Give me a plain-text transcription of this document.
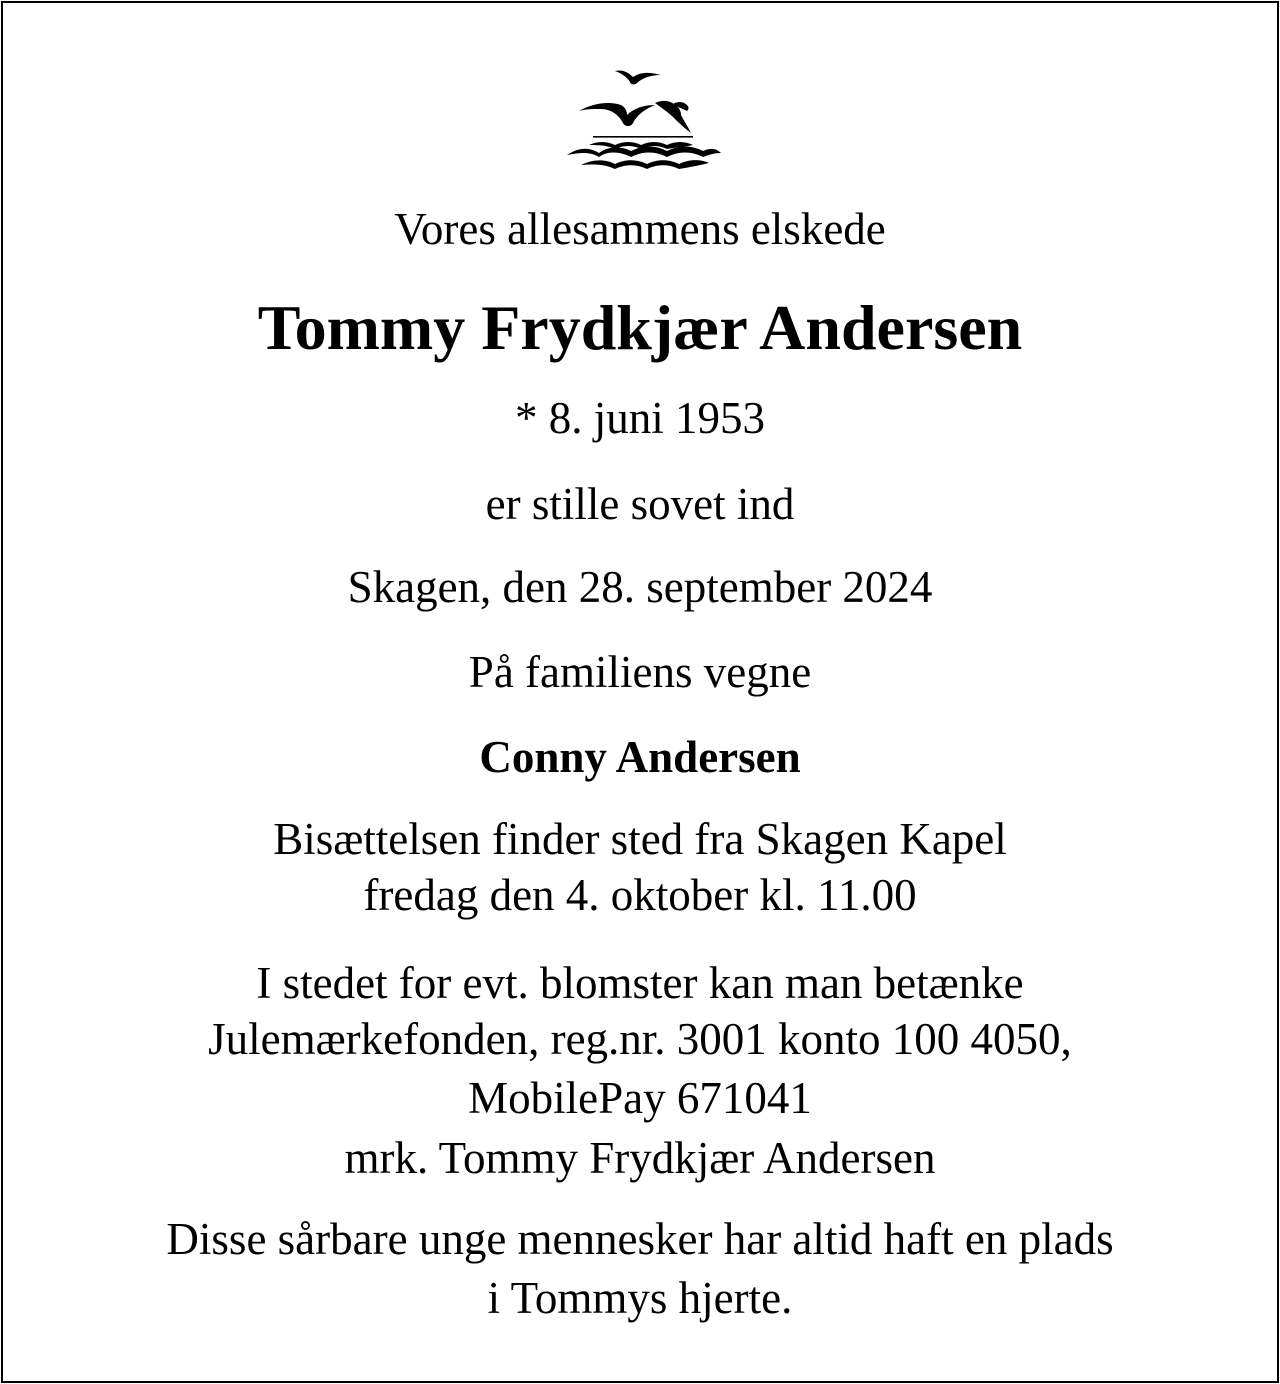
Vores allesammens elskede
Tommy Frydkjær Andersen
* 8. juni 1953
er stille sovet ind
Skagen, den 28. september 2024
På familiens vegne
Conny Andersen
Bisættelsen finder sted fra Skagen Kapel
fredag den 4. oktober kl. 11.00
I stedet for evt. blomster kan man betænke
Julemærkefonden, reg.nr. 3001 konto 100 4050,
MobilePay 671041
mrk. Tommy Frydkjær Andersen
Disse sårbare unge mennesker har altid haft en plads
i Tommys hjerte.
